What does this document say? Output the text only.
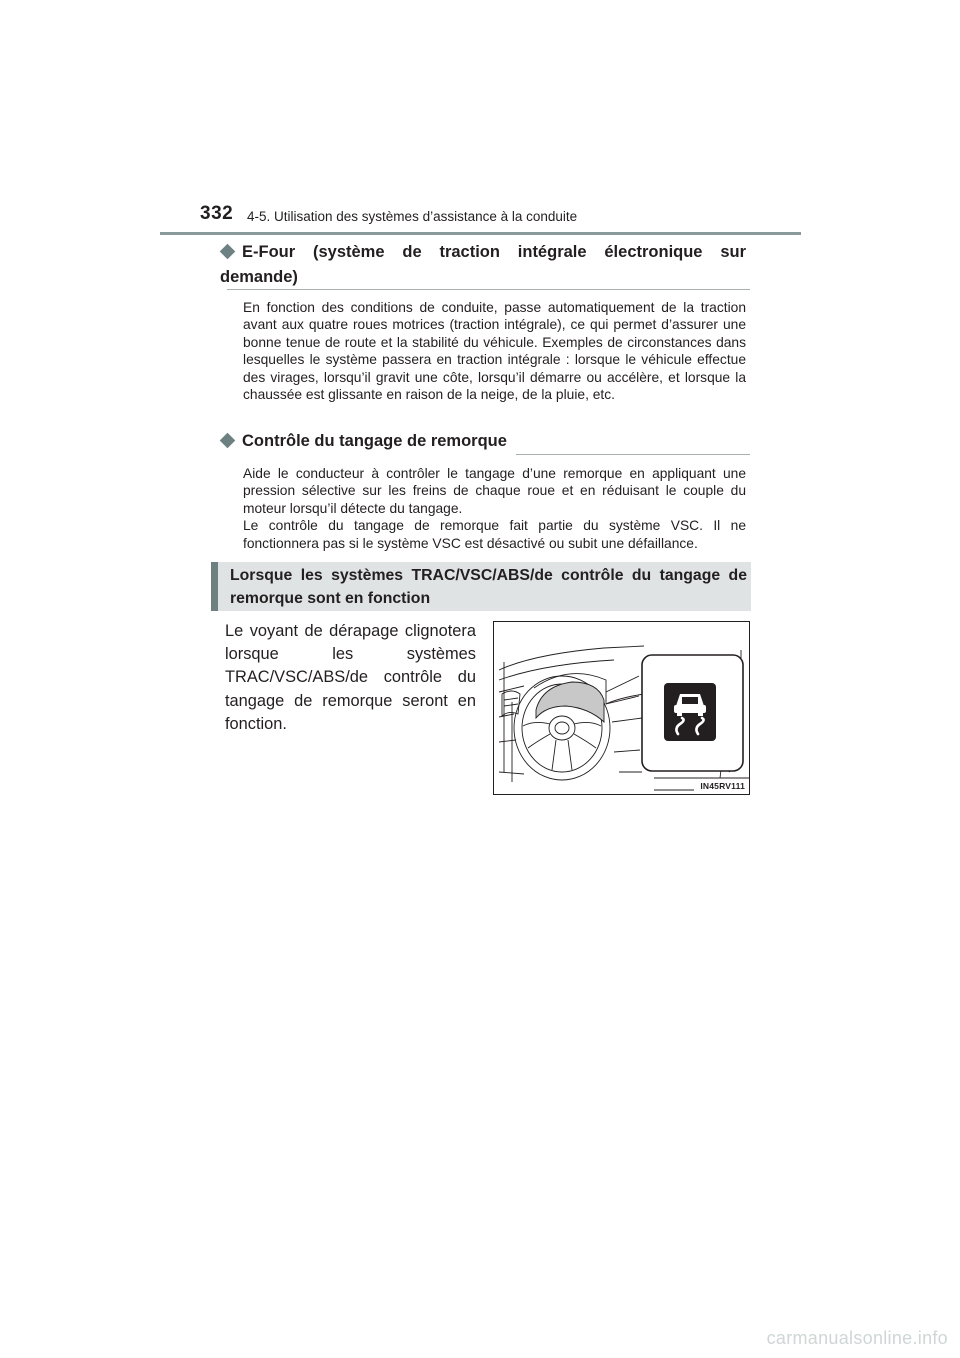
332 4-5. Utilisation des systèmes d’assistance à la conduite
E-Four (système de traction intégrale électronique sur demande)

En fonction des conditions de conduite, passe automatiquement de la traction avant aux quatre roues motrices (traction intégrale), ce qui permet d’assurer une bonne tenue de route et la stabilité du véhicule. Exemples de circonstances dans lesquelles le système passera en traction intégrale : lorsque le véhicule effectue des virages, lorsqu’il gravit une côte, lorsqu’il démarre ou accélère, et lorsque la chaussée est glissante en raison de la neige, de la pluie, etc.

Contrôle du tangage de remorque

Aide le conducteur à contrôler le tangage d’une remorque en appliquant une pression sélective sur les freins de chaque roue et en réduisant le couple du moteur lorsqu’il détecte du tangage.

Le contrôle du tangage de remorque fait partie du système VSC. Il ne fonctionnera pas si le système VSC est désactivé ou subit une défaillance.

Lorsque les systèmes TRAC/VSC/ABS/de contrôle du tangage de remorque sont en fonction
Le voyant de dérapage clignotera lorsque les systèmes TRAC/VSC/ABS/de contrôle du tangage de remorque seront en fonction.
IN45RV111
carmanualsonline.info
